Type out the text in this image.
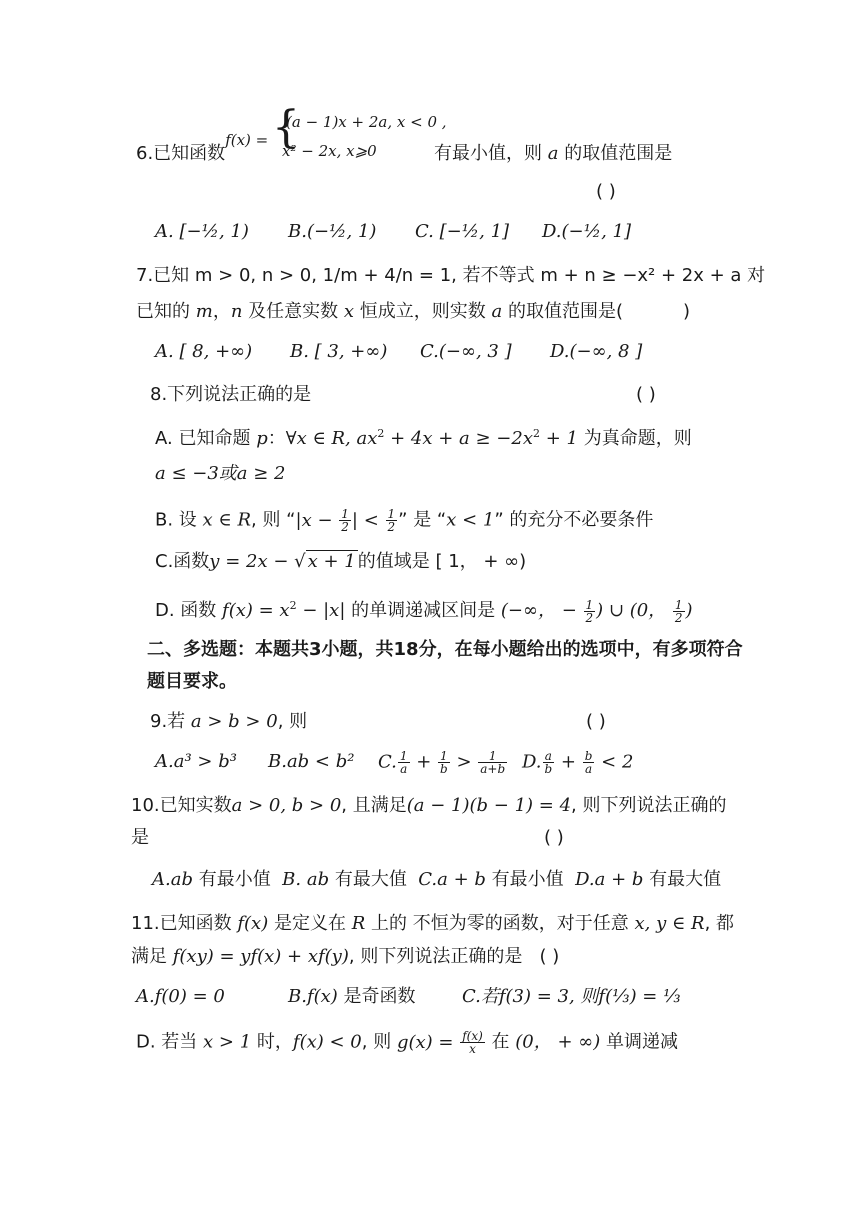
6.已知函数$^{f(x) =}$ {
(a − 1)x + 2a, x < 0 ,
x² − 2x, x⩾0	有最小值，则 a 的取值范围是
( )
A. [−½, 1) B.(−½, 1) C. [−½, 1] D.(−½, 1]
7.已知 m > 0, n > 0, 1/m + 4/n = 1, 若不等式 m + n ≥ −x² + 2x + a 对
已知的 m，n 及任意实数 x 恒成立，则实数 a 的取值范围是(	)
A. [ 8, +∞) B. [ 3, +∞) C.(−∞, 3 ] D.(−∞, 8 ]
8.下列说法正确的是	( )
A. 已知命题 p：∀x ∈ R, $ax^2 + 4x + a \ge -2x^2 + 1$ 为真命题，则
a ≤ −3或a ≥ 2
B. 设 x ∈ R, 则 “$|x - \frac{1}{2}$ | < $\frac{1}{2}$ ” 是 “x < 1” 的充分不必要条件
C.函数y = 2x − √ x + 1 的值域是 [ 1， + ∞)
D. 函数 $f(x) = x^2 - |x|$ 的单调递减区间是 (−∞， − $\frac{1}{2}$ ) ∪ (0， $\frac{1}{2}$ )
二、多选题：本题共3小题，共18分，在每小题给出的选项中，有多项符合
题目要求。
9.若 a > b > 0, 则	( )
A.a³ > b³ B.ab < b² C. $\frac{1}{a} + \frac{1}{b} > \frac{1}{a+b} D$. $\frac{a}{b} + \frac{b}{a} < 2$
10.已知实数a > 0, b > 0, 且满足(a − 1)(b − 1) = 4, 则下列说法正确的
是	( )
A.ab 有最小值 B. ab 有最大值 C.a + b 有最小值 D.a + b 有最大值
11.已知函数 f(x) 是定义在 R 上的 不恒为零的函数，对于任意 x, y ∈ R, 都
满足 f(xy) = yf(x) + xf(y), 则下列说法正确的是 ( )
A.f(0) = 0	B.f(x) 是奇函数	C.若f(3) = 3, 则f(⅓) = ⅓
D. 若当 x > 1 时，f(x) < 0, 则 $g(x) = \frac{f(x)}{x}$ 在 (0， + ∞) 单调递减
